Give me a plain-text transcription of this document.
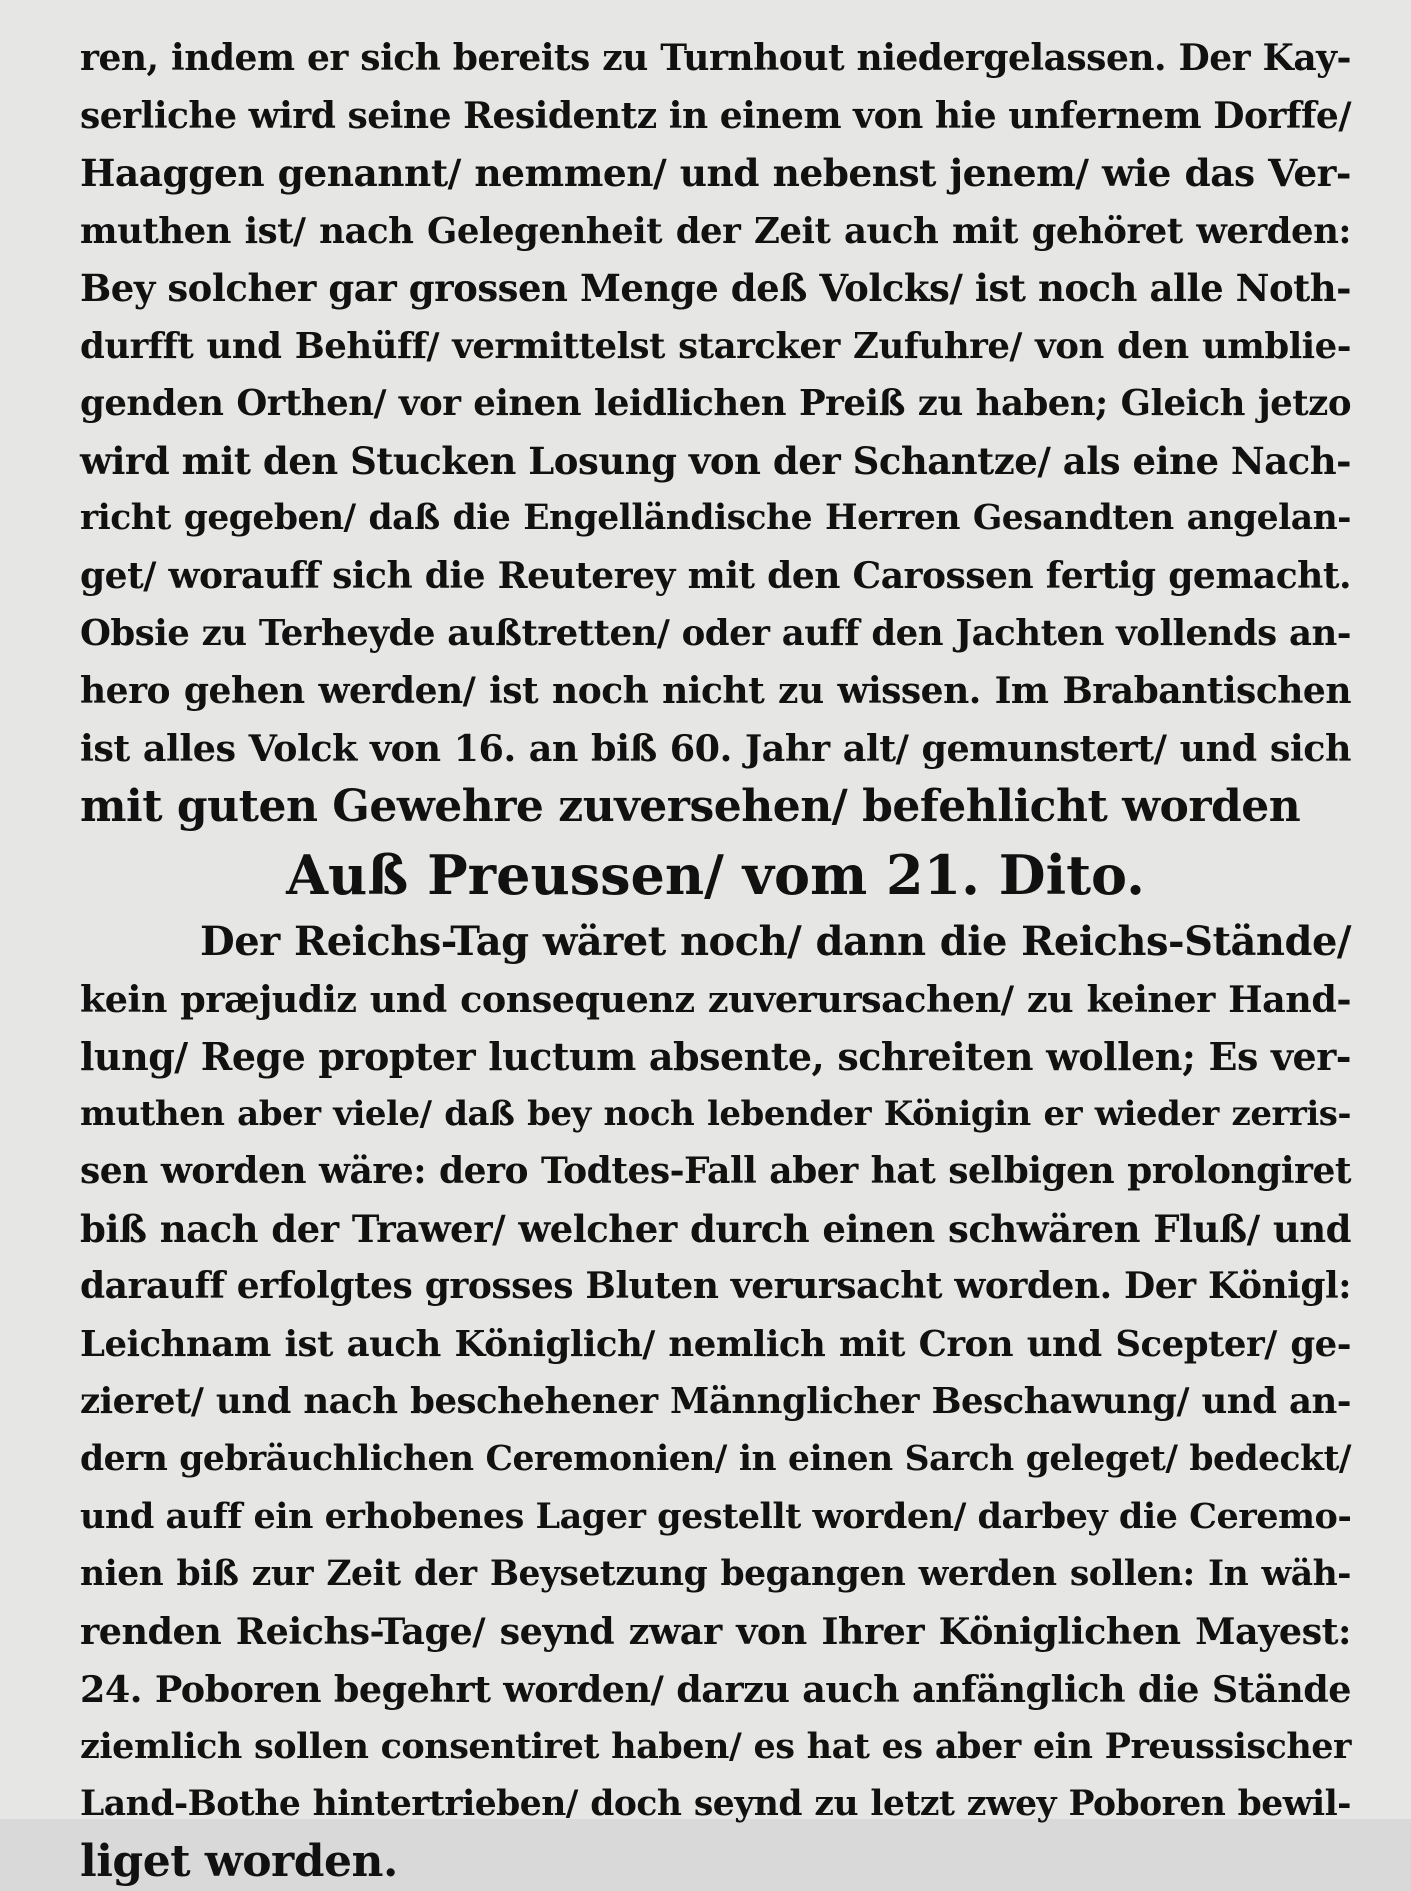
ren, indem er sich bereits zu Turnhout niedergelassen. Der Kay-
serliche wird seine Residentz in einem von hie unfernem Dorffe/
Haaggen genannt/ nemmen/ und nebenst jenem/ wie das Ver-
muthen ist/ nach Gelegenheit der Zeit auch mit gehöret werden:
Bey solcher gar grossen Menge deß Volcks/ ist noch alle Noth-
durfft und Behüff/ vermittelst starcker Zufuhre/ von den umblie-
genden Orthen/ vor einen leidlichen Preiß zu haben; Gleich jetzo
wird mit den Stucken Losung von der Schantze/ als eine Nach-
richt gegeben/ daß die Engelländische Herren Gesandten angelan-
get/ worauff sich die Reuterey mit den Carossen fertig gemacht.
Obsie zu Terheyde außtretten/ oder auff den Jachten vollends an-
hero gehen werden/ ist noch nicht zu wissen. Im Brabantischen
ist alles Volck von 16. an biß 60. Jahr alt/ gemunstert/ und sich
mit guten Gewehre zuversehen/ befehlicht worden
Auß Preussen/ vom 21. Dito.
Der Reichs-Tag wäret noch/ dann die Reichs-Stände/
kein præjudiz und consequenz zuverursachen/ zu keiner Hand-
lung/ Rege propter luctum absente, schreiten wollen; Es ver-
muthen aber viele/ daß bey noch lebender Königin er wieder zerris-
sen worden wäre: dero Todtes-Fall aber hat selbigen prolongiret
biß nach der Trawer/ welcher durch einen schwären Fluß/ und
darauff erfolgtes grosses Bluten verursacht worden. Der Königl:
Leichnam ist auch Königlich/ nemlich mit Cron und Scepter/ ge-
zieret/ und nach beschehener Männglicher Beschawung/ und an-
dern gebräuchlichen Ceremonien/ in einen Sarch geleget/ bedeckt/
und auff ein erhobenes Lager gestellt worden/ darbey die Ceremo-
nien biß zur Zeit der Beysetzung begangen werden sollen: In wäh-
renden Reichs-Tage/ seynd zwar von Ihrer Königlichen Mayest:
24. Poboren begehrt worden/ darzu auch anfänglich die Stände
ziemlich sollen consentiret haben/ es hat es aber ein Preussischer
Land-Bothe hintertrieben/ doch seynd zu letzt zwey Poboren bewil-
liget worden.
